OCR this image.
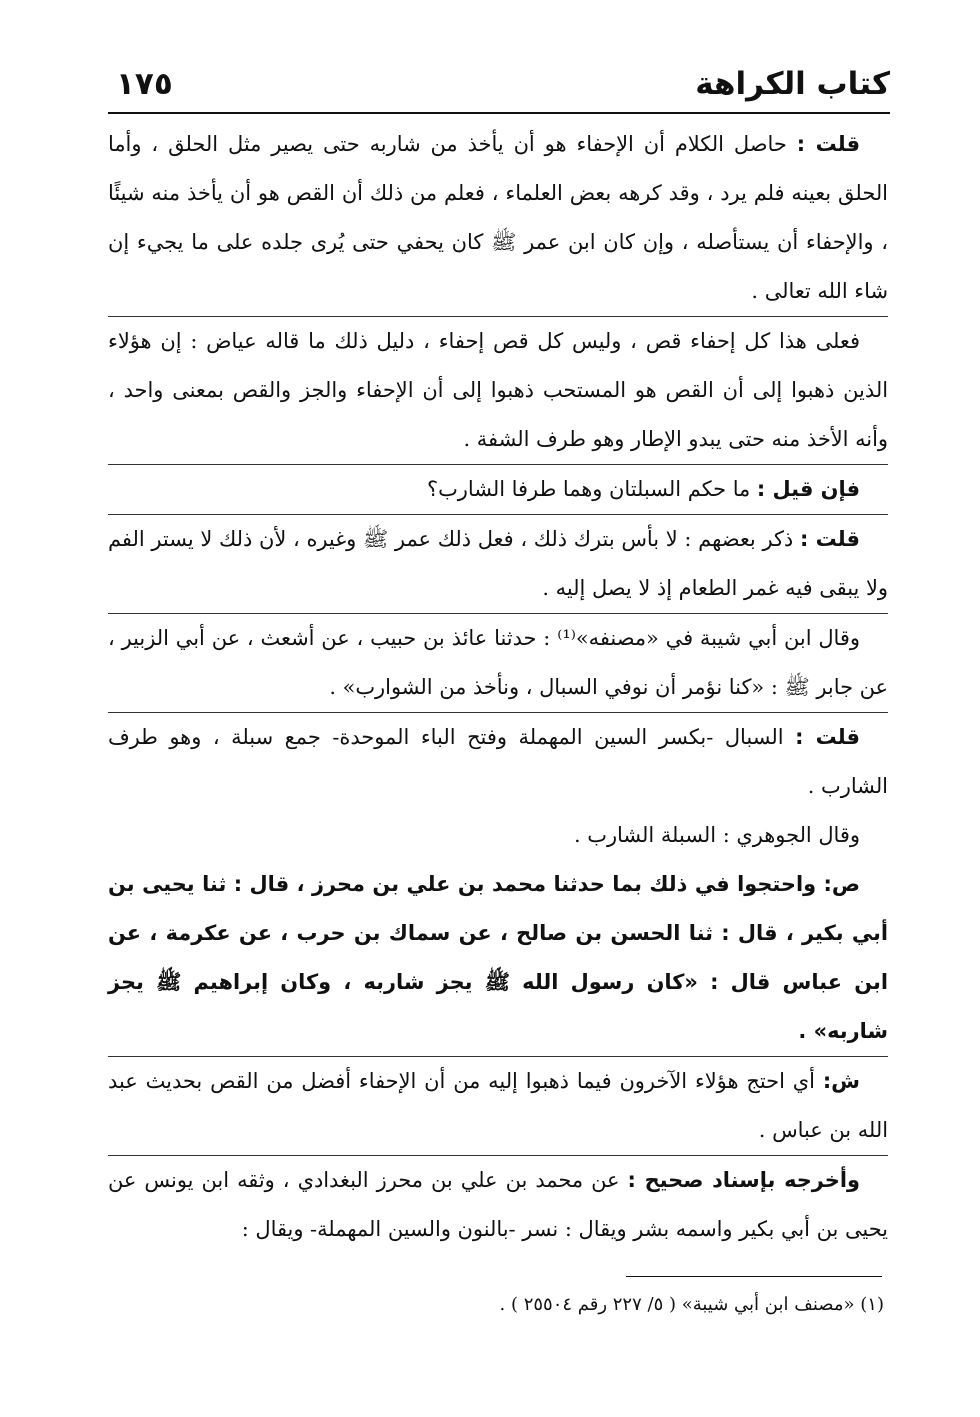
كتاب الكراهة
١٧٥

قلت : حاصل الكلام أن الإحفاء هو أن يأخذ من شاربه حتى يصير مثل الحلق ، وأما الحلق بعينه فلم يرد ، وقد كرهه بعض العلماء ، فعلم من ذلك أن القص هو أن يأخذ منه شيئًا ، والإحفاء أن يستأصله ، وإن كان ابن عمر ﷺ كان يحفي حتى يُرى جلده على ما يجيء إن شاء الله تعالى .

فعلى هذا كل إحفاء قص ، وليس كل قص إحفاء ، دليل ذلك ما قاله عياض : إن هؤلاء الذين ذهبوا إلى أن القص هو المستحب ذهبوا إلى أن الإحفاء والجز والقص بمعنى واحد ، وأنه الأخذ منه حتى يبدو الإطار وهو طرف الشفة .

فإن قيل : ما حكم السبلتان وهما طرفا الشارب؟

قلت : ذكر بعضهم : لا بأس بترك ذلك ، فعل ذلك عمر ﷺ وغيره ، لأن ذلك لا يستر الفم ولا يبقى فيه غمر الطعام إذ لا يصل إليه .

وقال ابن أبي شيبة في «مصنفه»⁽¹⁾ : حدثنا عائذ بن حبيب ، عن أشعث ، عن أبي الزبير ، عن جابر ﷺ : «كنا نؤمر أن نوفي السبال ، ونأخذ من الشوارب» .

قلت : السبال -بكسر السين المهملة وفتح الباء الموحدة- جمع سبلة ، وهو طرف الشارب .

وقال الجوهري : السبلة الشارب .

ص: واحتجوا في ذلك بما حدثنا محمد بن علي بن محرز ، قال : ثنا يحيى بن أبي بكير ، قال : ثنا الحسن بن صالح ، عن سماك بن حرب ، عن عكرمة ، عن ابن عباس قال : «كان رسول الله ﷺ يجز شاربه ، وكان إبراهيم ﷺ يجز شاربه» .

ش: أي احتج هؤلاء الآخرون فيما ذهبوا إليه من أن الإحفاء أفضل من القص بحديث عبد الله بن عباس .

وأخرجه بإسناد صحيح : عن محمد بن علي بن محرز البغدادي ، وثقه ابن يونس عن يحيى بن أبي بكير واسمه بشر ويقال : نسر -بالنون والسين المهملة- ويقال :

(١) «مصنف ابن أبي شيبة» ( ٥/ ٢٢٧ رقم ٢٥٥٠٤ ) .
